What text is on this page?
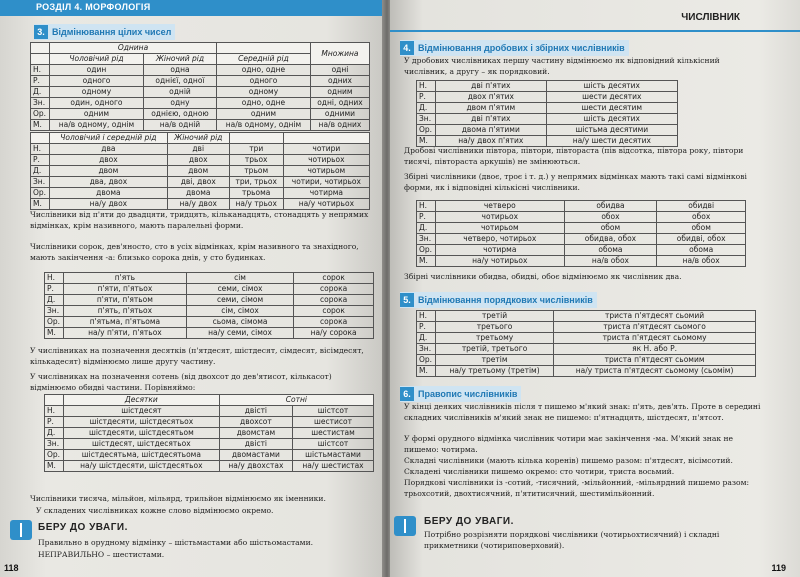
РОЗДІЛ 4. МОРФОЛОГІЯ
3. Відмінювання цілих чисел
	Однина			Множина
	Чоловічий рід	Жіночий рід	Середній рід	
Н.	один	одна	одно, одне	одні
Р.	одного	однієї, одної	одного	одних
Д.	одному	одній	одному	одним
Зн.	один, одного	одну	одно, одне	одні, одних
Ор.	одним	однією, одною	одним	одними
М.	на/в одному, однім	на/в одній	на/в одному, однім	на/в одних
	Чоловічий і середній рід	Жіночий рід		
Н.	два	дві	три	чотири
Р.	двох	двох	трьох	чотирьох
Д.	двом	двом	трьом	чотирьом
Зн.	два, двох	дві, двох	три, трьох	чотири, чотирьох
Ор.	двома	двома	трьома	чотирма
М.	на/у двох	на/у двох	на/у трьох	на/у чотирьох
Числівники від п'яти до двадцяти, тридцять, кільканадцять, стонадцять у непрямих відмінках, крім називного, мають паралельні форми.
Числівники сорок, дев'яносто, сто в усіх відмінках, крім називного та знахідного, мають закінчення -а: близько сорока днів, у сто будинках.
Н.	п'ять	сім	сорок
Р.	п'яти, п'ятьох	семи, сімох	сорока
Д.	п'яти, п'ятьом	семи, сімом	сорока
Зн.	п'ять, п'ятьох	сім, сімох	сорок
Ор.	п'ятьма, п'ятьома	сьома, сімома	сорока
М.	на/у п'яти, п'ятьох	на/у семи, сімох	на/у сорока
У числівниках на позначення десятків (п'ятдесят, шістдесят, сімдесят, вісімдесят, кількадесят) відмінюємо лише другу частину.
У числівниках на позначення сотень (від двохсот до дев'ятисот, кількасот) відмінюємо обидві частини. Порівняймо:
	Десятки	Сотні	
Н.	шістдесят	двісті	шістсот
Р.	шістдесяти, шістдесятьох	двохсот	шестисот
Д.	шістдесяти, шістдесятьом	двомстам	шестистам
Зн.	шістдесят, шістдесятьох	двісті	шістсот
Ор.	шістдесятьма, шістдесятьома	двомастами	шістьмастами
М.	на/у шістдесяти, шістдесятьох	на/у двохстах	на/у шестистах
Числівники тисяча, мільйон, мільярд, трильйон відмінюємо як іменники.
У складених числівниках кожне слово відмінюємо окремо.
БЕРУ ДО УВАГИ.
Правильно в орудному відмінку – шістьмастами або шістьомастами.
НЕПРАВИЛЬНО – шестистами.
118
ЧИСЛІВНИК
4. Відмінювання дробових і збірних числівників
У дробових числівниках першу частину відмінюємо як відповідний кількісний числівник, а другу – як порядковий.
Н.	дві п'ятих	шість десятих
Р.	двох п'ятих	шести десятих
Д.	двом п'ятим	шести десятим
Зн.	дві п'ятих	шість десятих
Ор.	двома п'ятими	шістьма десятими
М.	на/у двох п'ятих	на/у шести десятих
Дробові числівники півтора, півтори, півтораста (пів відсотка, півтора року, півтори тисячі, півтораста аркушів) не змінюються.
Збірні числівники (двоє, троє і т. д.) у непрямих відмінках мають такі самі відмінкові форми, як і відповідні кількісні числівники.
Н.	четверо	обидва	обидві
Р.	чотирьох	обох	обох
Д.	чотирьом	обом	обом
Зн.	четверо, чотирьох	обидва, обох	обидві, обох
Ор.	чотирма	обома	обома
М.	на/у чотирьох	на/в обох	на/в обох
Збірні числівники обидва, обидві, обоє відмінюємо як числівник два.
5. Відмінювання порядкових числівників
Н.	третій	триста п'ятдесят сьомий
Р.	третього	триста п'ятдесят сьомого
Д.	третьому	триста п'ятдесят сьомому
Зн.	третій, третього	як Н. або Р.
Ор.	третім	триста п'ятдесят сьомим
М.	на/у третьому (третім)	на/у триста п'ятдесят сьомому (сьомім)
6. Правопис числівників
У кінці деяких числівників після т пишемо м'який знак: п'ять, дев'ять. Проте в середині складних числівників м'який знак не пишемо: п'ятнадцять, шістдесят, п'ятсот.
У формі орудного відмінка числівник чотири має закінчення -ма. М'який знак не пишемо: чотирма.
Складні числівники (мають кілька коренів) пишемо разом: п'ятдесят, вісімсотий.
Складені числівники пишемо окремо: сто чотири, триста восьмий.
Порядкові числівники із -сотий, -тисячний, -мільйонний, -мільярдний пишемо разом: трьохсотий, двохтисячний, п'ятитисячний, шестимільйонний.
БЕРУ ДО УВАГИ.
Потрібно розрізняти порядкові числівники (чотирьохтисячний) і складні прикметники (чотириповерховий).
119
